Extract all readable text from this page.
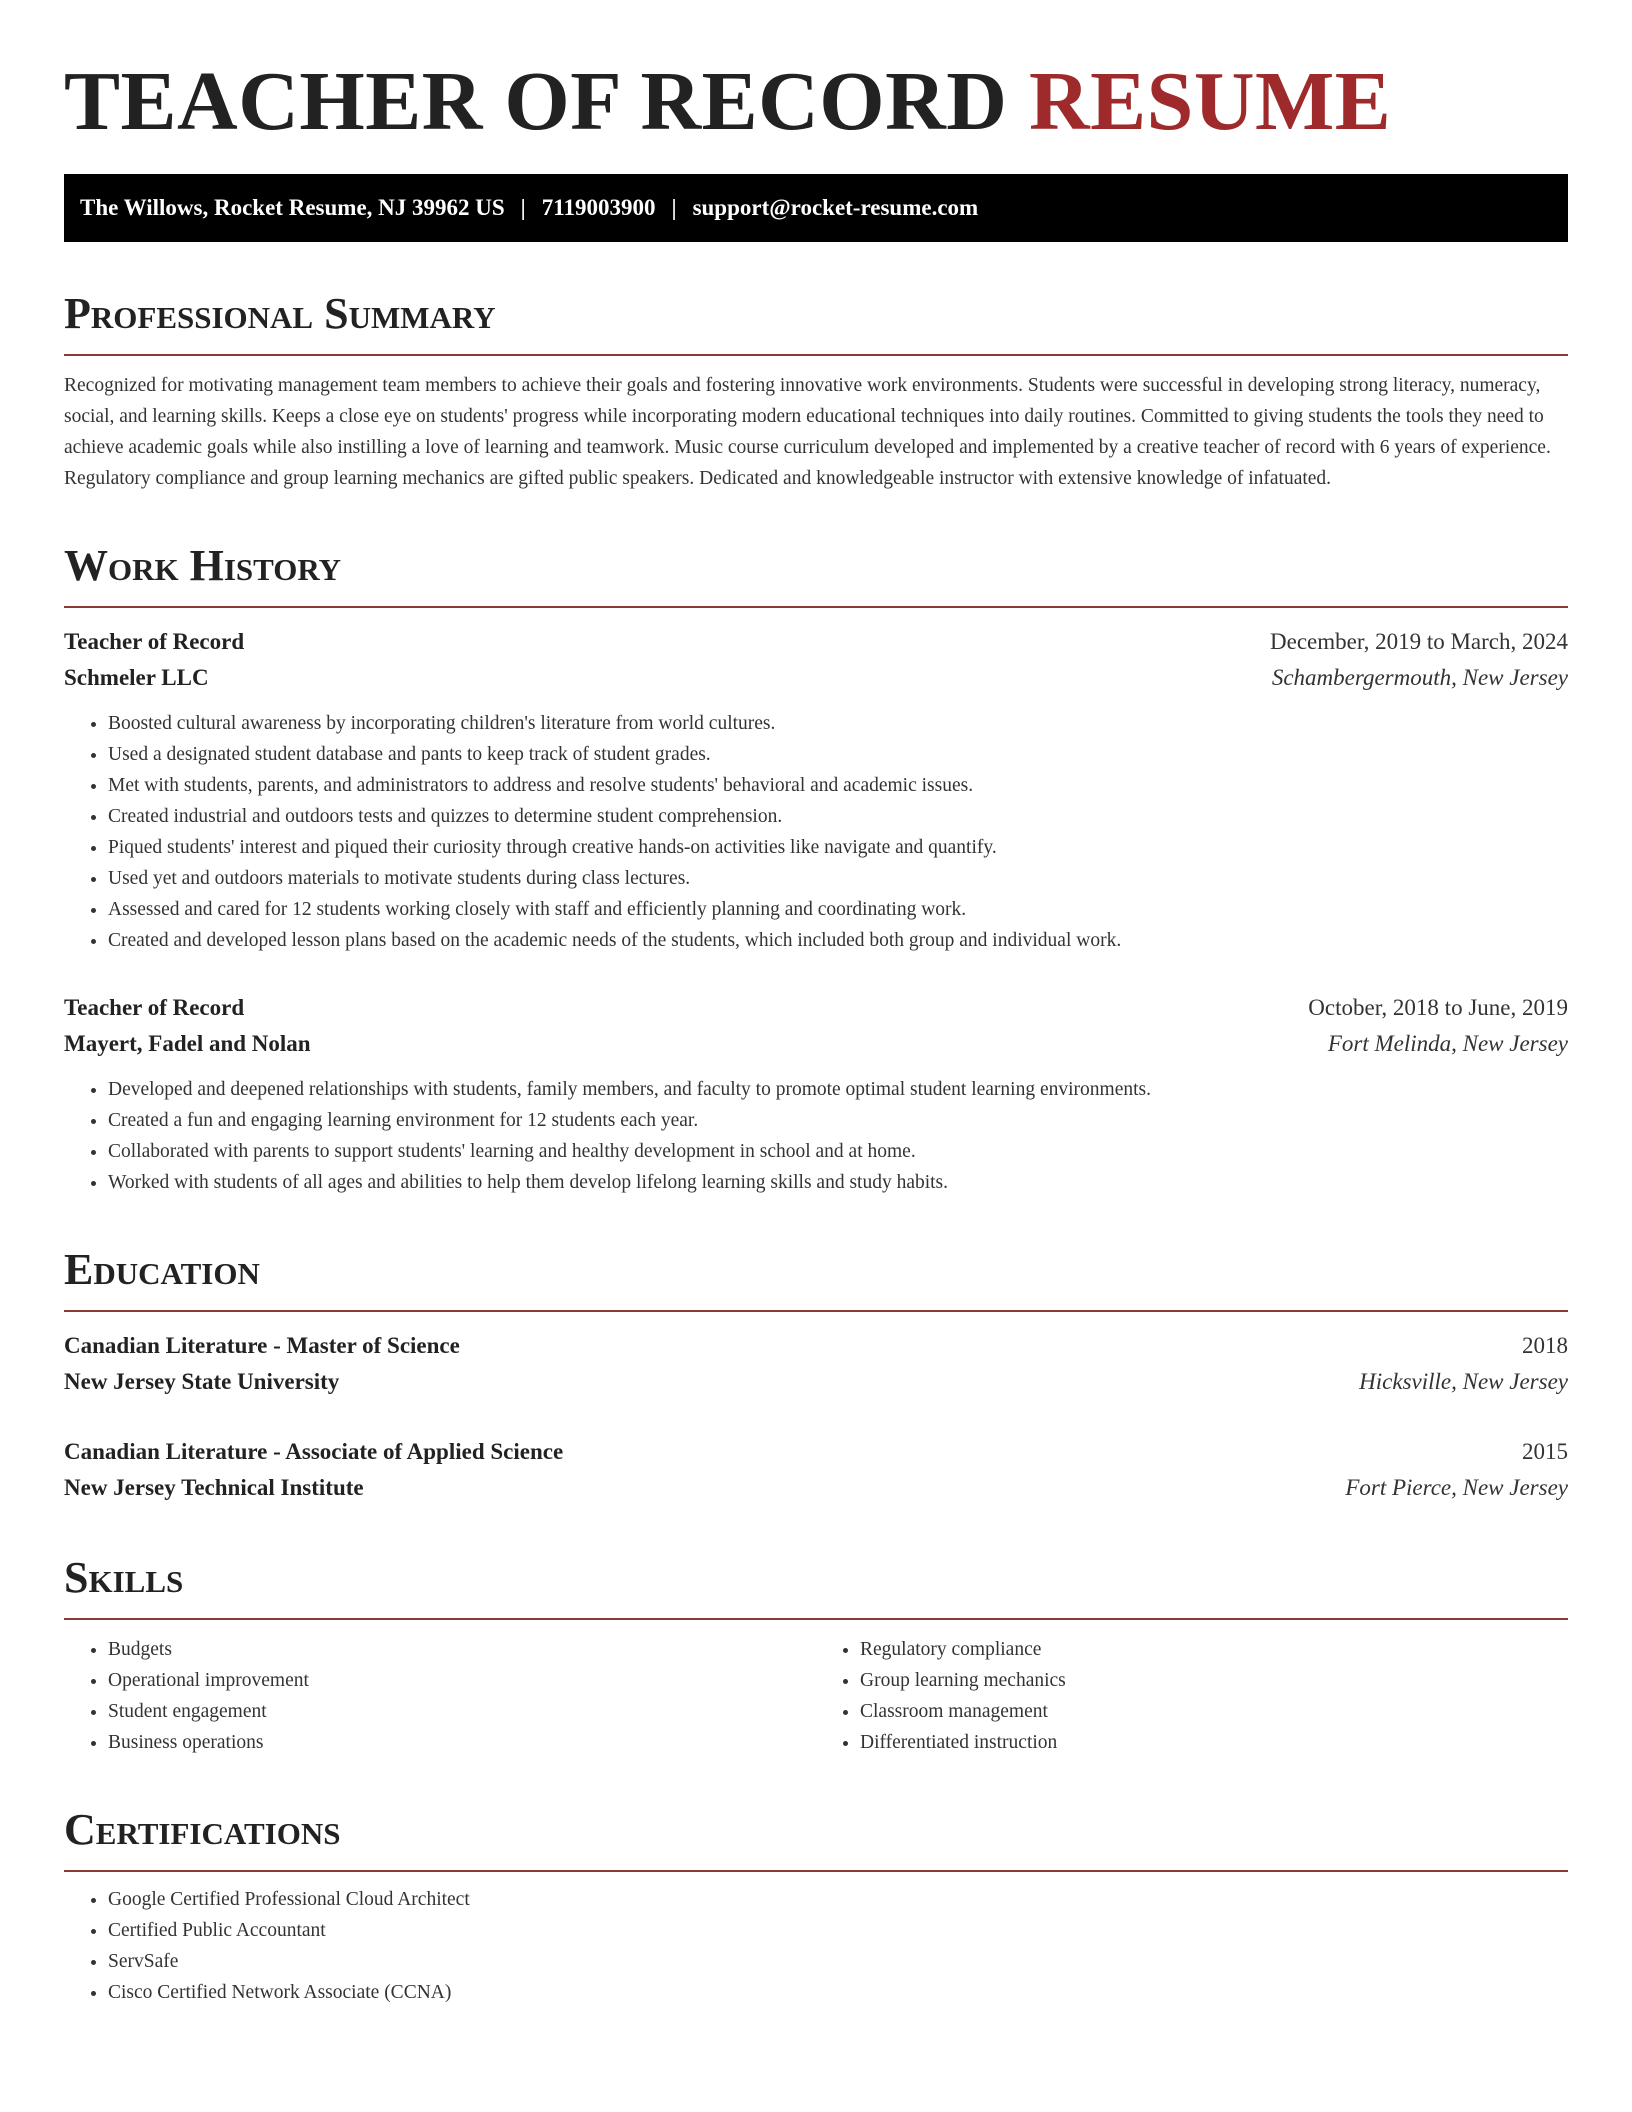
TEACHER OF RECORD RESUME
The Willows, Rocket Resume, NJ 39962 US | 7119003900 | support@rocket-resume.com
Professional Summary

Recognized for motivating management team members to achieve their goals and fostering innovative work environments. Students were successful in developing strong literacy, numeracy, social, and learning skills. Keeps a close eye on students' progress while incorporating modern educational techniques into daily routines. Committed to giving students the tools they need to achieve academic goals while also instilling a love of learning and teamwork. Music course curriculum developed and implemented by a creative teacher of record with 6 years of experience. Regulatory compliance and group learning mechanics are gifted public speakers. Dedicated and knowledgeable instructor with extensive knowledge of infatuated.

Work History
Teacher of Record	December, 2019 to March, 2024
Schmeler LLC	Schambergermouth, New Jersey
• Boosted cultural awareness by incorporating children's literature from world cultures.
• Used a designated student database and pants to keep track of student grades.
• Met with students, parents, and administrators to address and resolve students' behavioral and academic issues.
• Created industrial and outdoors tests and quizzes to determine student comprehension.
• Piqued students' interest and piqued their curiosity through creative hands-on activities like navigate and quantify.
• Used yet and outdoors materials to motivate students during class lectures.
• Assessed and cared for 12 students working closely with staff and efficiently planning and coordinating work.
• Created and developed lesson plans based on the academic needs of the students, which included both group and individual work.
Teacher of Record	October, 2018 to June, 2019
Mayert, Fadel and Nolan	Fort Melinda, New Jersey
• Developed and deepened relationships with students, family members, and faculty to promote optimal student learning environments.
• Created a fun and engaging learning environment for 12 students each year.
• Collaborated with parents to support students' learning and healthy development in school and at home.
• Worked with students of all ages and abilities to help them develop lifelong learning skills and study habits.
Education
Canadian Literature - Master of Science	2018
New Jersey State University	Hicksville, New Jersey
Canadian Literature - Associate of Applied Science	2015
New Jersey Technical Institute	Fort Pierce, New Jersey
Skills
• Budgets
• Operational improvement
• Student engagement
• Business operations
• Regulatory compliance
• Group learning mechanics
• Classroom management
• Differentiated instruction
Certifications
• Google Certified Professional Cloud Architect
• Certified Public Accountant
• ServSafe
• Cisco Certified Network Associate (CCNA)
